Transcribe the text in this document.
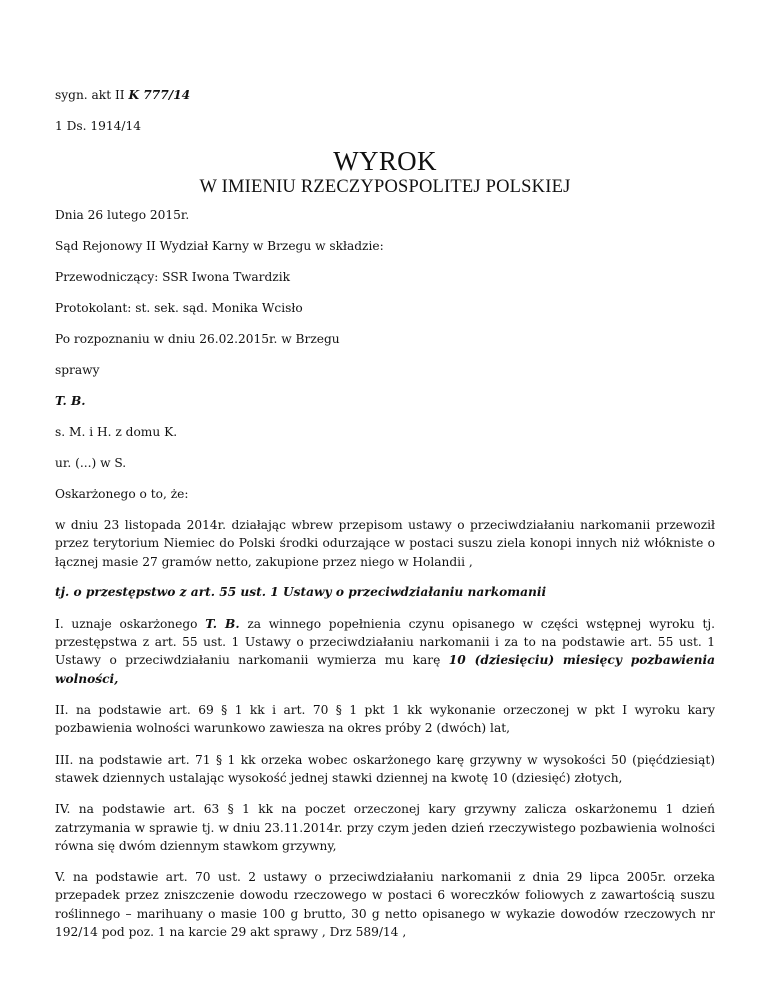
sygn. akt II K 777/14

1 Ds. 1914/14

WYROK

W IMIENIU RZECZYPOSPOLITEJ POLSKIEJ

Dnia 26 lutego 2015r.

Sąd Rejonowy II Wydział Karny w Brzegu w składzie:

Przewodniczący: SSR Iwona Twardzik

Protokolant: st. sek. sąd. Monika Wcisło

Po rozpoznaniu w dniu 26.02.2015r. w Brzegu

sprawy

T. B.

s. M. i H. z domu K.

ur. (...) w S.

Oskarżonego o to, że:

w dniu 23 listopada 2014r. działając wbrew przepisom ustawy o przeciwdziałaniu narkomanii przewoził przez terytorium Niemiec do Polski środki odurzające w postaci suszu ziela konopi innych niż włókniste o łącznej masie 27 gramów netto, zakupione przez niego w Holandii ,

tj. o przestępstwo z art. 55 ust. 1 Ustawy o przeciwdziałaniu narkomanii

I. uznaje oskarżonego T. B. za winnego popełnienia czynu opisanego w części wstępnej wyroku tj. przestępstwa z art. 55 ust. 1 Ustawy o przeciwdziałaniu narkomanii i za to na podstawie art. 55 ust. 1 Ustawy o przeciwdziałaniu narkomanii wymierza mu karę 10 (dziesięciu) miesięcy pozbawienia wolności,

II. na podstawie art. 69 § 1 kk i art. 70 § 1 pkt 1 kk wykonanie orzeczonej w pkt I wyroku kary pozbawienia wolności warunkowo zawiesza na okres próby 2 (dwóch) lat,

III. na podstawie art. 71 § 1 kk orzeka wobec oskarżonego karę grzywny w wysokości 50 (pięćdziesiąt) stawek dziennych ustalając wysokość jednej stawki dziennej na kwotę 10 (dziesięć) złotych,

IV. na podstawie art. 63 § 1 kk na poczet orzeczonej kary grzywny zalicza oskarżonemu 1 dzień zatrzymania w sprawie tj. w dniu 23.11.2014r. przy czym jeden dzień rzeczywistego pozbawienia wolności równa się dwóm dziennym stawkom grzywny,

V. na podstawie art. 70 ust. 2 ustawy o przeciwdziałaniu narkomanii z dnia 29 lipca 2005r. orzeka przepadek przez zniszczenie dowodu rzeczowego w postaci 6 woreczków foliowych z zawartością suszu roślinnego – marihuany o masie 100 g brutto, 30 g netto opisanego w wykazie dowodów rzeczowych nr 192/14 pod poz. 1 na karcie 29 akt sprawy , Drz 589/14 ,
